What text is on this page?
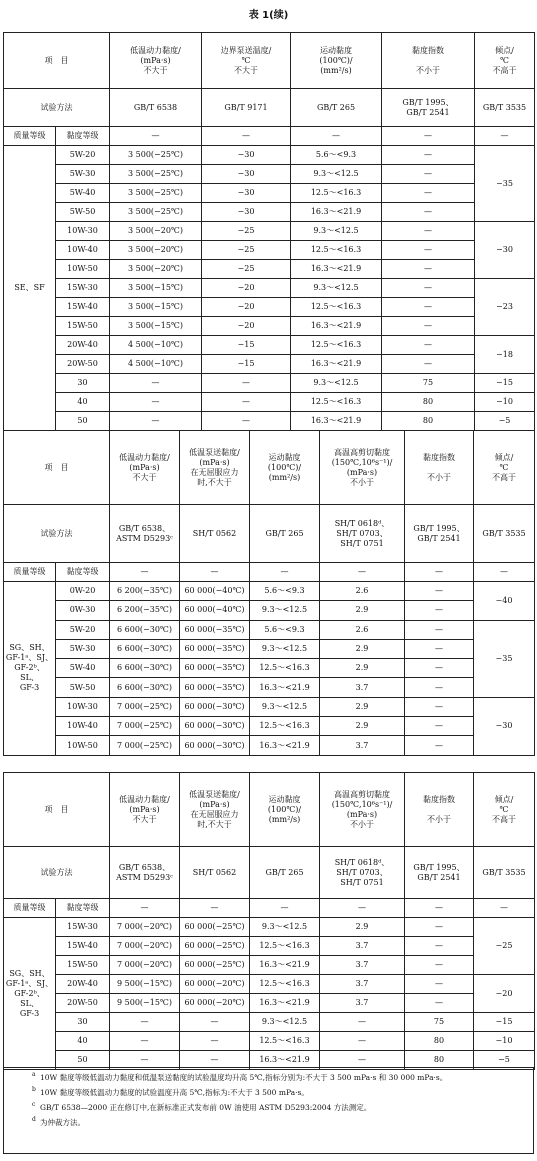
表 1(续)
项　目		低温动力黏度/
(mPa·s)
不大于	边界泵送温度/
℃
不大于	运动黏度
(100℃)/
(mm²/s)	黏度指数

不小于	倾点/
℃
不高于
试验方法		GB/T 6538	GB/T 9171	GB/T 265	GB/T 1995、
GB/T 2541	GB/T 3535
质量等级	黏度等级	—	—	—	—	—
SE、SF	5W-20	3 500(−25℃)	−30	5.6～<9.3	—	−35
	5W-30	3 500(−25℃)	−30	9.3～<12.5	—	
	5W-40	3 500(−25℃)	−30	12.5～<16.3	—	
	5W-50	3 500(−25℃)	−30	16.3～<21.9	—	
	10W-30	3 500(−20℃)	−25	9.3～<12.5	—	−30
	10W-40	3 500(−20℃)	−25	12.5～<16.3	—	
	10W-50	3 500(−20℃)	−25	16.3～<21.9	—	
	15W-30	3 500(−15℃)	−20	9.3～<12.5	—	−23
	15W-40	3 500(−15℃)	−20	12.5～<16.3	—	
	15W-50	3 500(−15℃)	−20	16.3～<21.9	—	
	20W-40	4 500(−10℃)	−15	12.5～<16.3	—	−18
	20W-50	4 500(−10℃)	−15	16.3～<21.9	—	
	30	—	—	9.3～<12.5	75	−15
	40	—	—	12.5～<16.3	80	−10
	50	—	—	16.3～<21.9	80	−5
项　目		低温动力黏度/
(mPa·s)
不大于	低温泵送黏度/
(mPa·s)
在无屈服应力
时,不大于	运动黏度
(100℃)/
(mm²/s)	高温高剪切黏度
(150℃,10⁶s⁻¹)/
(mPa·s)
不小于	黏度指数

不小于	倾点/
℃
不高于
试验方法		GB/T 6538、
ASTM D5293ᶜ	SH/T 0562	GB/T 265	SH/T 0618ᵈ、
SH/T 0703、
SH/T 0751	GB/T 1995、
GB/T 2541	GB/T 3535
质量等级	黏度等级	—	—	—	—	—	—
SG、SH、
GF-1ᵃ、SJ、
GF-2ᵇ、SL、
GF-3	0W-20	6 200(−35℃)	60 000(−40℃)	5.6～<9.3	2.6	—	−40
	0W-30	6 200(−35℃)	60 000(−40℃)	9.3～<12.5	2.9	—	
	5W-20	6 600(−30℃)	60 000(−35℃)	5.6～<9.3	2.6	—	−35
	5W-30	6 600(−30℃)	60 000(−35℃)	9.3～<12.5	2.9	—	
	5W-40	6 600(−30℃)	60 000(−35℃)	12.5～<16.3	2.9	—	
	5W-50	6 600(−30℃)	60 000(−35℃)	16.3～<21.9	3.7	—	
	10W-30	7 000(−25℃)	60 000(−30℃)	9.3～<12.5	2.9	—	−30
	10W-40	7 000(−25℃)	60 000(−30℃)	12.5～<16.3	2.9	—	
	10W-50	7 000(−25℃)	60 000(−30℃)	16.3～<21.9	3.7	—	
项　目		低温动力黏度/
(mPa·s)
不大于	低温泵送黏度/
(mPa·s)
在无屈服应力
时,不大于	运动黏度
(100℃)/
(mm²/s)	高温高剪切黏度
(150℃,10⁶s⁻¹)/
(mPa·s)
不小于	黏度指数

不小于	倾点/
℃
不高于
试验方法		GB/T 6538、
ASTM D5293ᶜ	SH/T 0562	GB/T 265	SH/T 0618ᵈ、
SH/T 0703、
SH/T 0751	GB/T 1995、
GB/T 2541	GB/T 3535
质量等级	黏度等级	—	—	—	—	—	—
SG、SH、
GF-1ᵃ、SJ、
GF-2ᵇ、SL、
GF-3	15W-30	7 000(−20℃)	60 000(−25℃)	9.3～<12.5	2.9	—	−25
	15W-40	7 000(−20℃)	60 000(−25℃)	12.5～<16.3	3.7	—	
	15W-50	7 000(−20℃)	60 000(−25℃)	16.3～<21.9	3.7	—	
	20W-40	9 500(−15℃)	60 000(−20℃)	12.5～<16.3	3.7	—	−20
	20W-50	9 500(−15℃)	60 000(−20℃)	16.3～<21.9	3.7	—	
	30	—	—	9.3～<12.5	—	75	−15
	40	—	—	12.5～<16.3	—	80	−10
	50	—	—	16.3～<21.9	—	80	−5
a 10W 黏度等级低温动力黏度和低温泵送黏度的试验温度均升高 5℃,指标分别为:不大于 3 500 mPa·s 和 30 000 mPa·s。
b 10W 黏度等级低温动力黏度的试验温度升高 5℃,指标为:不大于 3 500 mPa·s。
c GB/T 6538—2000 正在修订中,在新标准正式发布前 0W 油使用 ASTM D5293:2004 方法测定。
d 为仲裁方法。
